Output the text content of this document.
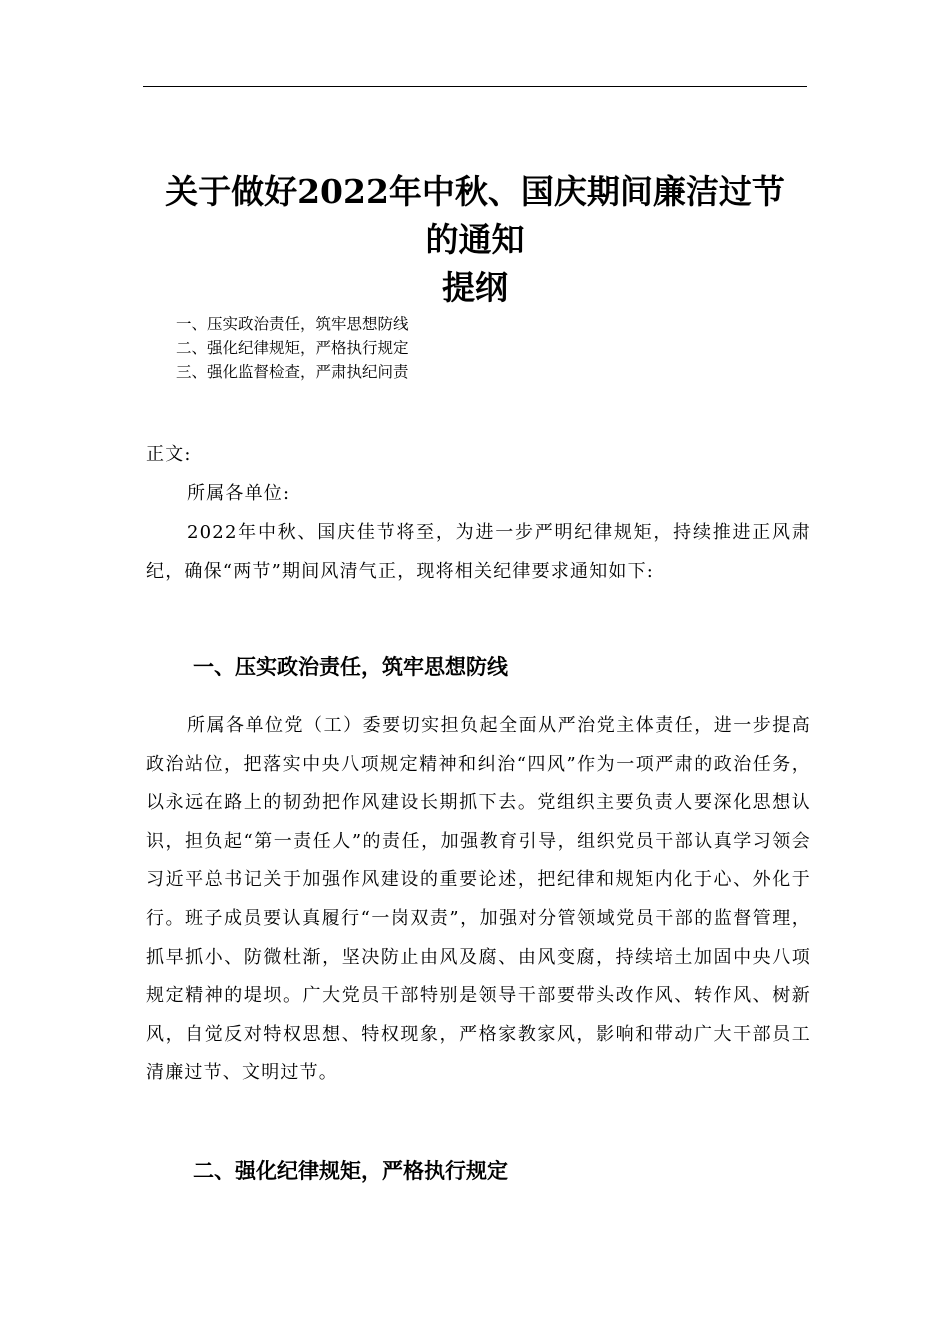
关于做好2022年中秋、国庆期间廉洁过节
的通知
提纲
一、压实政治责任，筑牢思想防线
二、强化纪律规矩，严格执行规定
三、强化监督检查，严肃执纪问责
正文:
所属各单位:
2022年中秋、国庆佳节将至，为进一步严明纪律规矩，持续推进正风肃纪，确保“两节”期间风清气正，现将相关纪律要求通知如下:
一、压实政治责任，筑牢思想防线
所属各单位党（工）委要切实担负起全面从严治党主体责任，进一步提高政治站位，把落实中央八项规定精神和纠治“四风”作为一项严肃的政治任务，以永远在路上的韧劲把作风建设长期抓下去。党组织主要负责人要深化思想认识，担负起“第一责任人”的责任，加强教育引导，组织党员干部认真学习领会习近平总书记关于加强作风建设的重要论述，把纪律和规矩内化于心、外化于行。班子成员要认真履行“一岗双责”，加强对分管领域党员干部的监督管理，抓早抓小、防微杜渐，坚决防止由风及腐、由风变腐，持续培土加固中央八项规定精神的堤坝。广大党员干部特别是领导干部要带头改作风、转作风、树新风，自觉反对特权思想、特权现象，严格家教家风，影响和带动广大干部员工清廉过节、文明过节。
二、强化纪律规矩，严格执行规定
